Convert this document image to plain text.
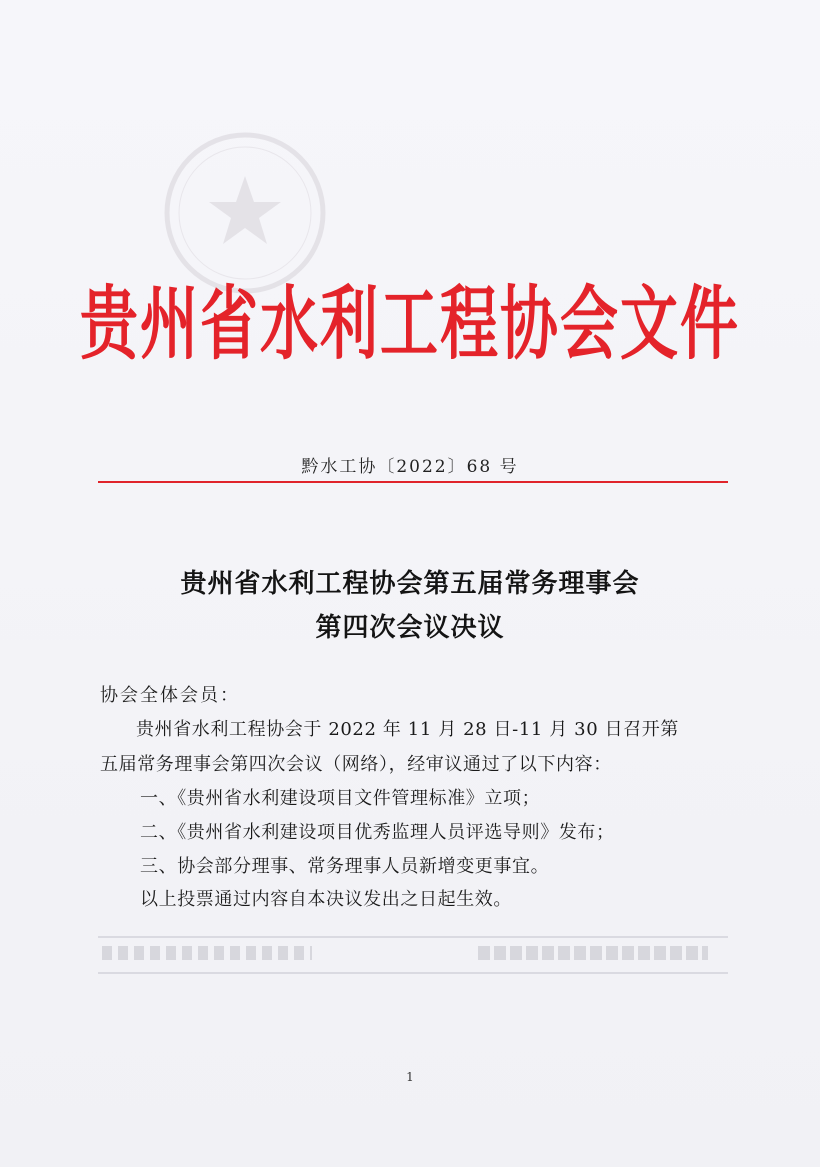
贵州省水利工程协会文件
黔水工协〔2022〕68 号
贵州省水利工程协会第五届常务理事会
第四次会议决议
协会全体会员：
贵州省水利工程协会于 2022 年 11 月 28 日-11 月 30 日召开第
五届常务理事会第四次会议（网络），经审议通过了以下内容：
一、《贵州省水利建设项目文件管理标准》立项；
二、《贵州省水利建设项目优秀监理人员评选导则》发布；
三、协会部分理事、常务理事人员新增变更事宜。
以上投票通过内容自本决议发出之日起生效。
1
